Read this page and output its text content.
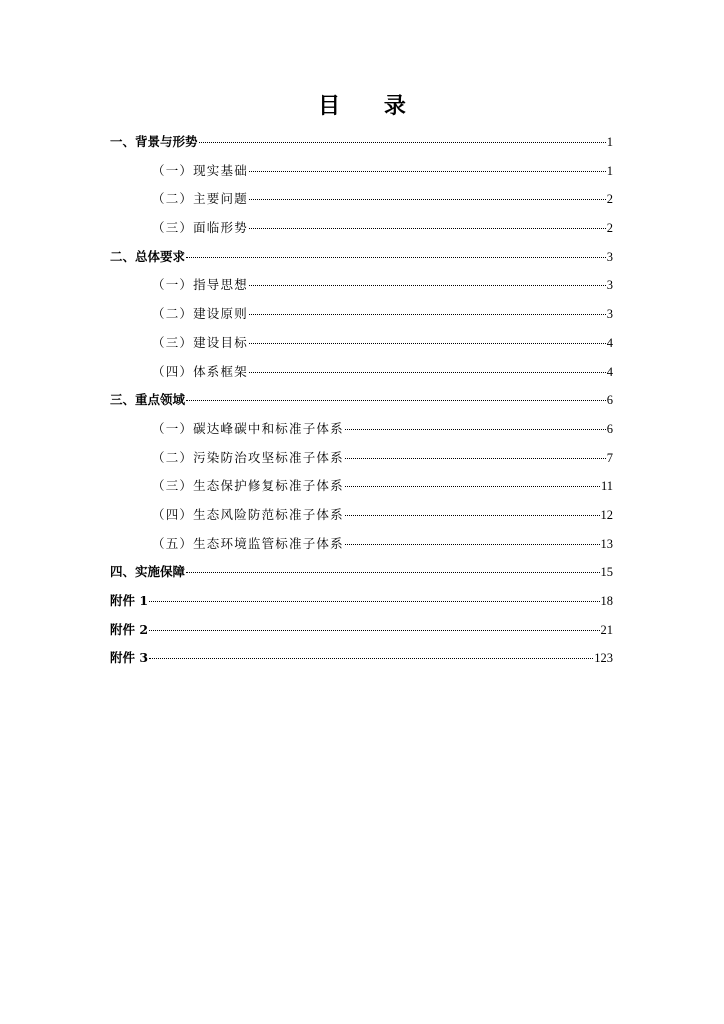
目 录
一、背景与形势	1
（一）现实基础	1
（二）主要问题	2
（三）面临形势	2
二、总体要求	3
（一）指导思想	3
（二）建设原则	3
（三）建设目标	4
（四）体系框架	4
三、重点领域	6
（一）碳达峰碳中和标准子体系	6
（二）污染防治攻坚标准子体系	7
（三）生态保护修复标准子体系	11
（四）生态风险防范标准子体系	12
（五）生态环境监管标准子体系	13
四、实施保障	15
附件 1	18
附件 2	21
附件 3	123
